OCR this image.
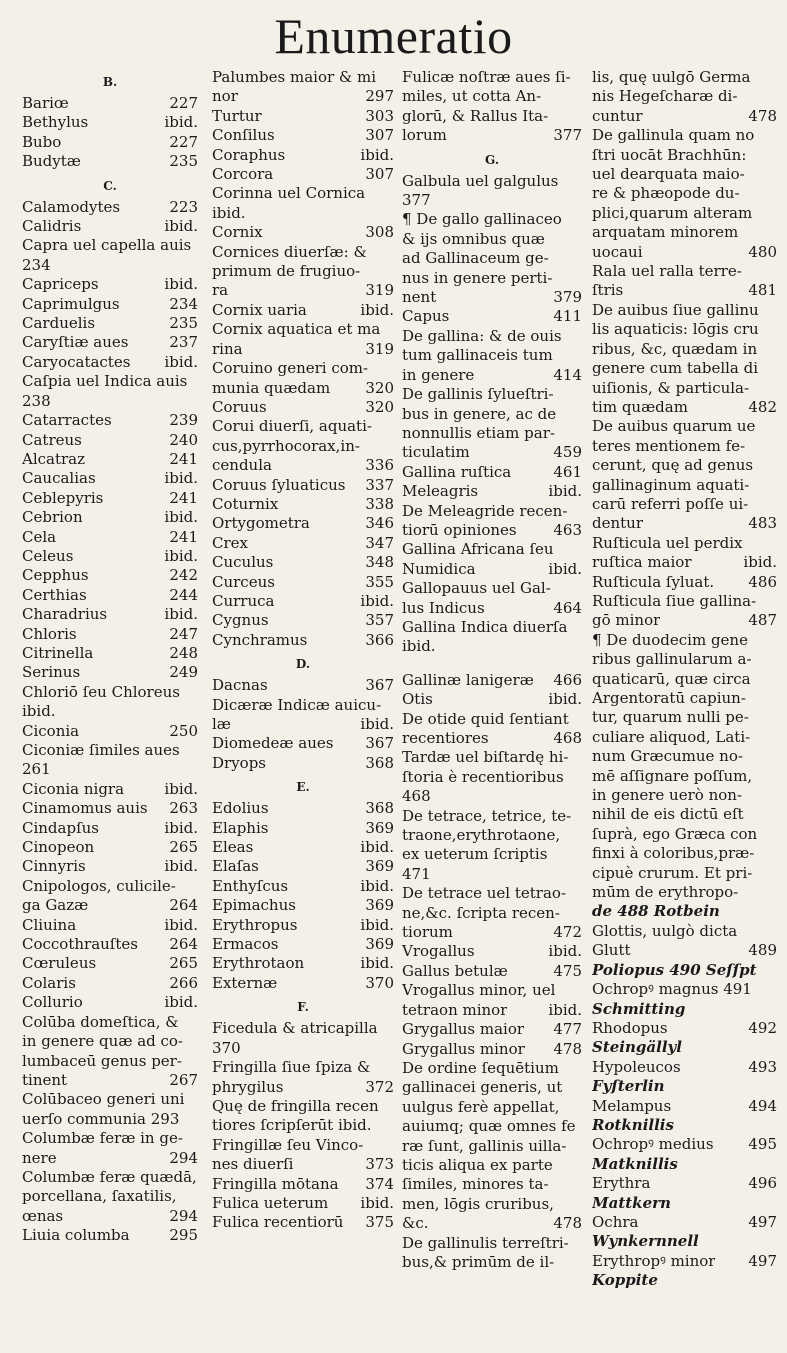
Enumeratio
B.
Bariœ	227
Bethylus	ibid.
Bubo	227
Budytæ	235
C.
Calamodytes	223
Calidris	ibid.
Capra uel capella auis
234
Capriceps	ibid.
Caprimulgus	234
Carduelis	235
Caryſtiæ aues	237
Caryocatactes ibid.
Caſpia uel Indica auis
238
Catarractes	239
Catreus	240
Alcatraz	241
Caucalias	ibid.
Ceblepyris	241
Cebrion	ibid.
Cela	241
Celeus	ibid.
Cepphus	242
Certhias	244
Charadrius	ibid.
Chloris	247
Citrinella	248
Serinus	249
Chloriō ſeu Chloreus
ibid.
Ciconia	250
Ciconiæ ſimiles aues
261
Ciconia nigra	ibid.
Cinamomus auis 263
Cindapſus	ibid.
Cinopeon	265
Cinnyris	ibid.
Cnipologos, culicile-
ga Gazæ	264
Cliuina	ibid.
Coccothrauſtes 264
Cœruleus	265
Colaris	266
Collurio	ibid.
Colūba domeſtica, &
in genere quæ ad co-
lumbaceū genus per-
tinent	267
Colūbaceo generi uni
uerſo communia 293
Columbæ feræ in ge-
nere	294
Columbæ feræ quædā,
porcellana, ſaxatilis,
œnas	294
Liuia columba	295
Palumbes maior & mi
nor	297
Turtur	303
Conſilus	307
Coraphus	ibid.
Corcora	307
Corinna uel Cornica
ibid.
Cornix	308
Cornices diuerſæ: &
primum de frugiuo-
ra	319
Cornix uaria	ibid.
Cornix aquatica et ma
rina	319
Coruino generi com-
munia quædam 320
Coruus	320
Corui diuerſi, aquati-
cus,pyrrhocorax,in-
cendula	336
Coruus ſyluaticus 337
Coturnix	338
Ortygometra	346
Crex	347
Cuculus	348
Curceus	355
Curruca	ibid.
Cygnus	357
Cynchramus	366
D.
Dacnas	367
Dicæræ Indicæ auicu-
læ	ibid.
Diomedeæ aues 367
Dryops	368
E.
Edolius	368
Elaphis	369
Eleas	ibid.
Elaſas	369
Enthyſcus	ibid.
Epimachus	369
Erythropus	ibid.
Ermacos	369
Erythrotaon	ibid.
Externæ	370
F.
Ficedula & atricapilla
370
Fringilla ſiue ſpiza &
phrygilus	372
Quę de fringilla recen
tiores ſcripſerūt ibid.
Fringillæ ſeu Vinco-
nes diuerſi	373
Fringilla mōtana 374
Fulica ueterum ibid.
Fulica recentiorū 375
Fulicæ noſtræ aues ſi-
miles, ut cotta An-
glorū, & Rallus Ita-
lorum	377
G.
Galbula uel galgulus
377
¶ De gallo gallinaceo
& ijs omnibus quæ
ad Gallinaceum ge-
nus in genere perti-
nent	379
Capus	411
De gallina: & de ouis
tum gallinaceis tum
in genere	414
De gallinis ſylueſtri-
bus in genere, ac de
nonnullis etiam par-
ticulatim	459
Gallina ruſtica	461
Meleagris	ibid.
De Meleagride recen-
tiorū opiniones 463
Gallina Africana ſeu
Numidica	ibid.
Gallopauus uel Gal-
lus Indicus	464
Gallina Indica diuerſa
ibid.
Gallinæ lanigeræ 466
Otis	ibid.
De otide quid ſentiant
recentiores	468
Tardæ uel biſtardę hi-
ſtoria è recentioribus
468
De tetrace, tetrice, te-
traone,erythrotaone,
ex ueterum ſcriptis
471
De tetrace uel tetrao-
ne,&c. ſcripta recen-
tiorum	472
Vrogallus	ibid.
Gallus betulæ	475
Vrogallus minor, uel
tetraon minor	ibid.
Grygallus maior 477
Grygallus minor 478
De ordine ſequētium
gallinacei generis, ut
uulgus ferè appellat,
auiumq; quæ omnes fe
ræ ſunt, gallinis uilla-
ticis aliqua ex parte
ſimiles, minores ta-
men, lōgis cruribus,
&c.	478
De gallinulis terreſtri-
bus,& primūm de il-
lis, quę uulgō Germa
nis Hegeſcharæ di-
cuntur	478
De gallinula quam no
ſtri uocāt Brachhūn:
uel dearquata maio-
re & phæopode du-
plici,quarum alteram
arquatam minorem
uocaui	480
Rala uel ralla terre-
ſtris	481
De auibus ſiue gallinu
lis aquaticis: lōgis cru
ribus, &c, quædam in
genere cum tabella di
uiſionis, & particula-
tim quædam	482
De auibus quarum ue
teres mentionem fe-
cerunt, quę ad genus
gallinaginum aquati-
carū referri poſſe ui-
dentur	483
Ruſticula uel perdix
ruſtica maior	ibid.
Ruſticula ſyluat. 486
Ruſticula ſiue gallina-
gō minor	487
¶ De duodecim gene
ribus gallinularum a-
quaticarū, quæ circa
Argentoratū capiun-
tur, quarum nulli pe-
culiare aliquod, Lati-
num Græcumue no-
mē aſſignare poſſum,
in genere uerò non-
nihil de eis dictū eſt
ſuprà, ego Græca con
finxi à coloribus,præ-
cipuè crurum. Et pri-
mūm de erythropo-
de 488 Rotbein
Glottis, uulgò dicta
Glutt	489
Poliopus 490 Seſſpt
Ochropꝰ magnus 491
Schmitting
Rhodopus	492
Steingällyl
Hypoleucos	493
Fyſterlin
Melampus	494
Rotknillis
Ochropꝰ medius 495
Matknillis
Erythra	496
Mattkern
Ochra	497
Wynkernnell
Erythropꝰ minor 497
Koppite
